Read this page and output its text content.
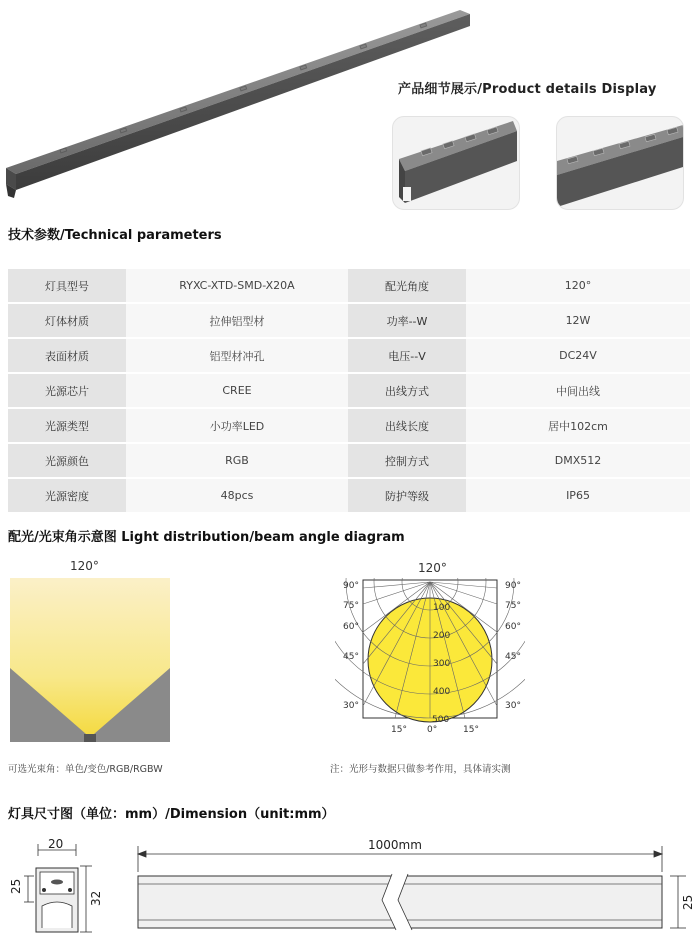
产品细节展示/Product details Display
技术参数/Technical parameters
灯具型号	RYXC-XTD-SMD-X20A	配光角度	120°
灯体材质	拉伸铝型材	功率--W	12W
表面材质	铝型材冲孔	电压--V	DC24V
光源芯片	CREE	出线方式	中间出线
光源类型	小功率LED	出线长度	居中102cm
光源颜色	RGB	控制方式	DMX512
光源密度	48pcs	防护等级	IP65
配光/光束角示意图 Light distribution/beam angle diagram
120°	120°
90°
75°
60°
45°
30°
90°
75°
60°
45°
30°
100
200
300
400
500
15° 0°	15°
可选光束角：单色/变色/RGB/RGBW	注：光形与数据只做参考作用，具体请实测
灯具尺寸图（单位：mm）/Dimension（unit:mm）
20
25
32
1000mm
25
